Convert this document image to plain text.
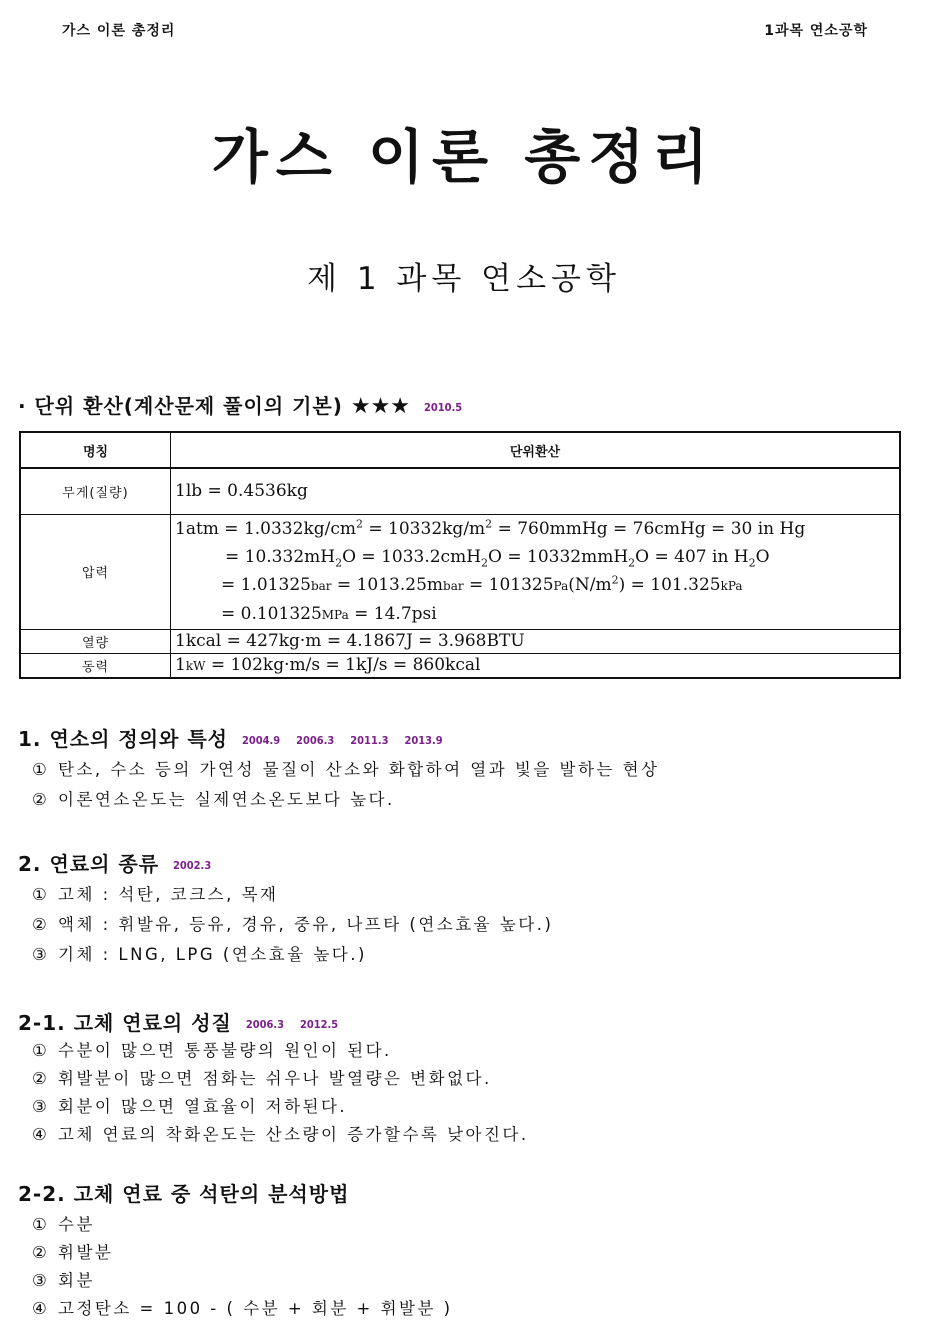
가스 이론 총정리	1과목 연소공학
가스 이론 총정리
제 1 과목 연소공학
· 단위 환산(계산문제 풀이의 기본) ★★★ 2010.5
명칭	단위환산
무게(질량)	1lb = 0.4536kg

압력	$1atm = 1.0332kg/cm^2 = 10332kg/m^2$ = 760mmHg = 76cmHg = 30 in Hg
= $10.332mH_2O = 1033.2cmH_2O = 10332mmH_2O = 407$ in $H_2O$
= 1.01325bar = 1013.25mbar = $101325Pa(N/m^2) = 101.325kPa$
= 0.101325MPa = 14.7psi

열량	1kcal = 427kg·m = 4.1867J = 3.968BTU

동력	1kW = 102kg·m/s = 1kJ/s = 860kcal
1. 연소의 정의와 특성 2004.9 2006.3 2011.3 2013.9
① 탄소, 수소 등의 가연성 물질이 산소와 화합하여 열과 빛을 발하는 현상
② 이론연소온도는 실제연소온도보다 높다.
2. 연료의 종류 2002.3
① 고체 : 석탄, 코크스, 목재
② 액체 : 휘발유, 등유, 경유, 중유, 나프타 (연소효율 높다.)
③ 기체 : LNG, LPG (연소효율 높다.)
2-1. 고체 연료의 성질 2006.3 2012.5
① 수분이 많으면 통풍불량의 원인이 된다.
② 휘발분이 많으면 점화는 쉬우나 발열량은 변화없다.
③ 회분이 많으면 열효율이 저하된다.
④ 고체 연료의 착화온도는 산소량이 증가할수록 낮아진다.
2-2. 고체 연료 중 석탄의 분석방법
① 수분
② 휘발분
③ 회분
④ 고정탄소 = 100 - ( 수분 + 회분 + 휘발분 )
